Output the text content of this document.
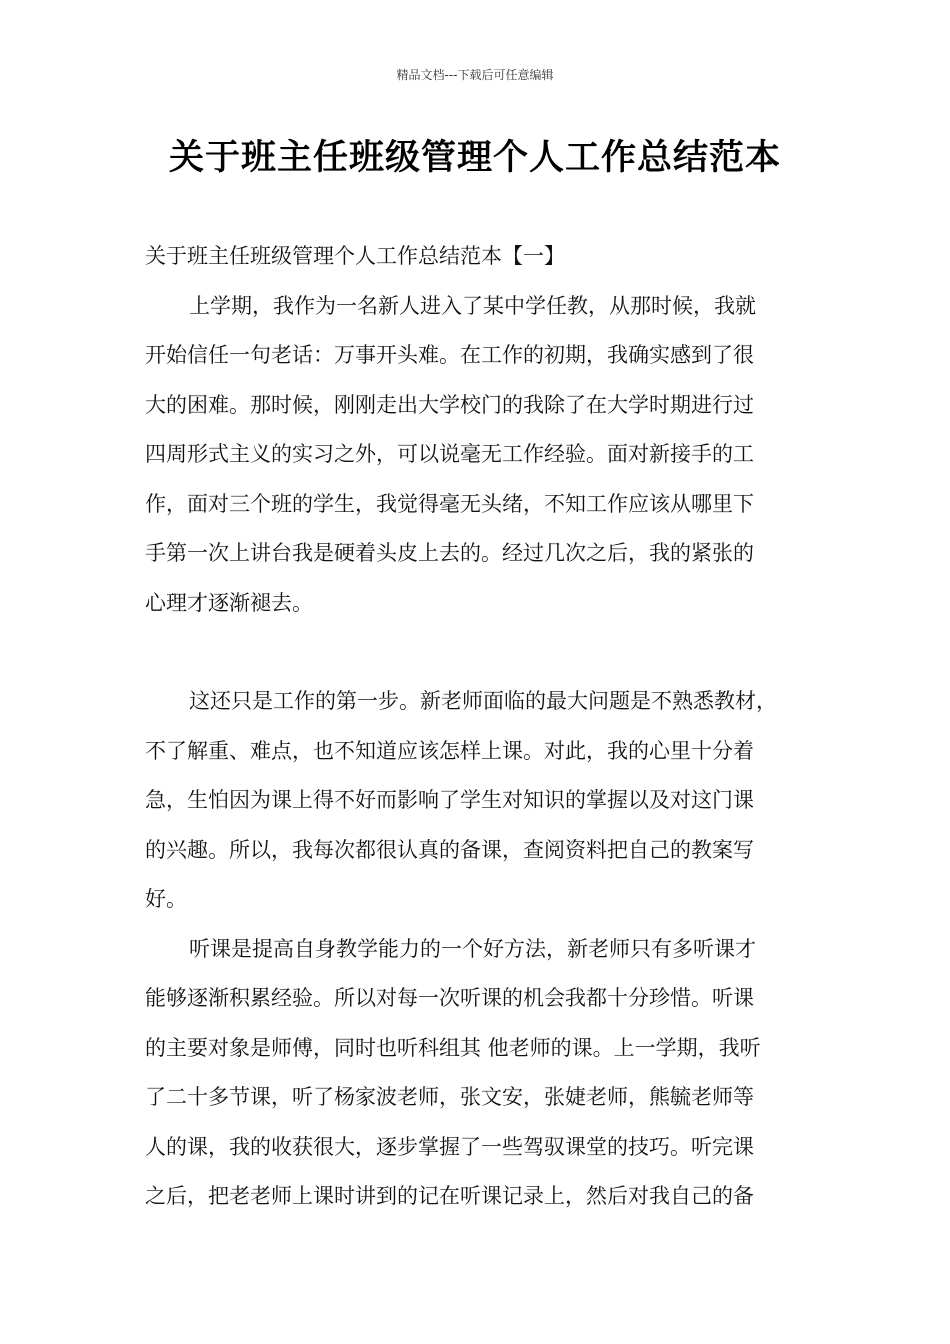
精品文档---下载后可任意编辑
关于班主任班级管理个人工作总结范本

关于班主任班级管理个人工作总结范本【一】

上学期，我作为一名新人进入了某中学任教，从那时候，我就
开始信任一句老话：万事开头难。在工作的初期，我确实感到了很
大的困难。那时候，刚刚走出大学校门的我除了在大学时期进行过
四周形式主义的实习之外，可以说毫无工作经验。面对新接手的工
作，面对三个班的学生，我觉得毫无头绪，不知工作应该从哪里下
手第一次上讲台我是硬着头皮上去的。经过几次之后，我的紧张的
心理才逐渐褪去。
这还只是工作的第一步。新老师面临的最大问题是不熟悉教材，
不了解重、难点，也不知道应该怎样上课。对此，我的心里十分着
急，生怕因为课上得不好而影响了学生对知识的掌握以及对这门课
的兴趣。所以，我每次都很认真的备课，查阅资料把自己的教案写
好。
听课是提高自身教学能力的一个好方法，新老师只有多听课才
能够逐渐积累经验。所以对每一次听课的机会我都十分珍惜。听课
的主要对象是师傅，同时也听科组其 他老师的课。上一学期，我听
了二十多节课，听了杨家波老师，张文安，张婕老师，熊毓老师等
人的课，我的收获很大，逐步掌握了一些驾驭课堂的技巧。听完课
之后，把老老师上课时讲到的记在听课记录上，然后对我自己的备
